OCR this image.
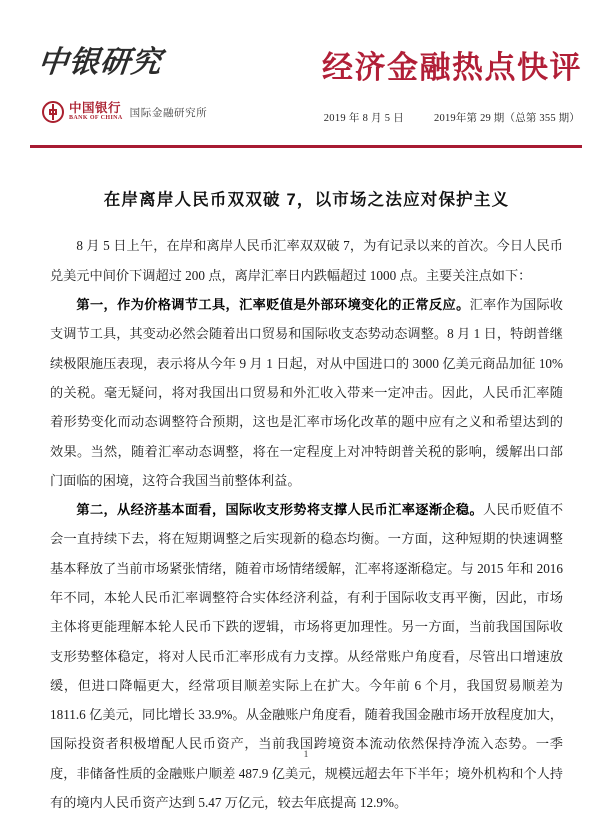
中银研究
中国银行
BANK OF CHINA 国际金融研究所
经济金融热点快评
2019 年 8 月 5 日	2019年第 29 期（总第 355 期）
在岸离岸人民币双双破 7，以市场之法应对保护主义

8 月 5 日上午，在岸和离岸人民币汇率双双破 7，为有记录以来的首次。今日人民币兑美元中间价下调超过 200 点，离岸汇率日内跌幅超过 1000 点。主要关注点如下：

第一，作为价格调节工具，汇率贬值是外部环境变化的正常反应。汇率作为国际收支调节工具，其变动必然会随着出口贸易和国际收支态势动态调整。8 月 1 日，特朗普继续极限施压表现，表示将从今年 9 月 1 日起，对从中国进口的 3000 亿美元商品加征 10%的关税。毫无疑问，将对我国出口贸易和外汇收入带来一定冲击。因此，人民币汇率随着形势变化而动态调整符合预期，这也是汇率市场化改革的题中应有之义和希望达到的效果。当然，随着汇率动态调整，将在一定程度上对冲特朗普关税的影响，缓解出口部门面临的困境，这符合我国当前整体利益。

第二，从经济基本面看，国际收支形势将支撑人民币汇率逐渐企稳。人民币贬值不会一直持续下去，将在短期调整之后实现新的稳态均衡。一方面，这种短期的快速调整基本释放了当前市场紧张情绪，随着市场情绪缓解，汇率将逐渐稳定。与 2015 年和 2016 年不同，本轮人民币汇率调整符合实体经济利益，有利于国际收支再平衡，因此，市场主体将更能理解本轮人民币下跌的逻辑，市场将更加理性。另一方面，当前我国国际收支形势整体稳定，将对人民币汇率形成有力支撑。从经常账户角度看，尽管出口增速放缓，但进口降幅更大，经常项目顺差实际上在扩大。今年前 6 个月，我国贸易顺差为 1811.6 亿美元，同比增长 33.9%。从金融账户角度看，随着我国金融市场开放程度加大，国际投资者积极增配人民币资产，当前我国跨境资本流动依然保持净流入态势。一季度，非储备性质的金融账户顺差 487.9 亿美元，规模远超去年下半年；境外机构和个人持有的境内人民币资产达到 5.47 万亿元，较去年底提高 12.9%。

1
